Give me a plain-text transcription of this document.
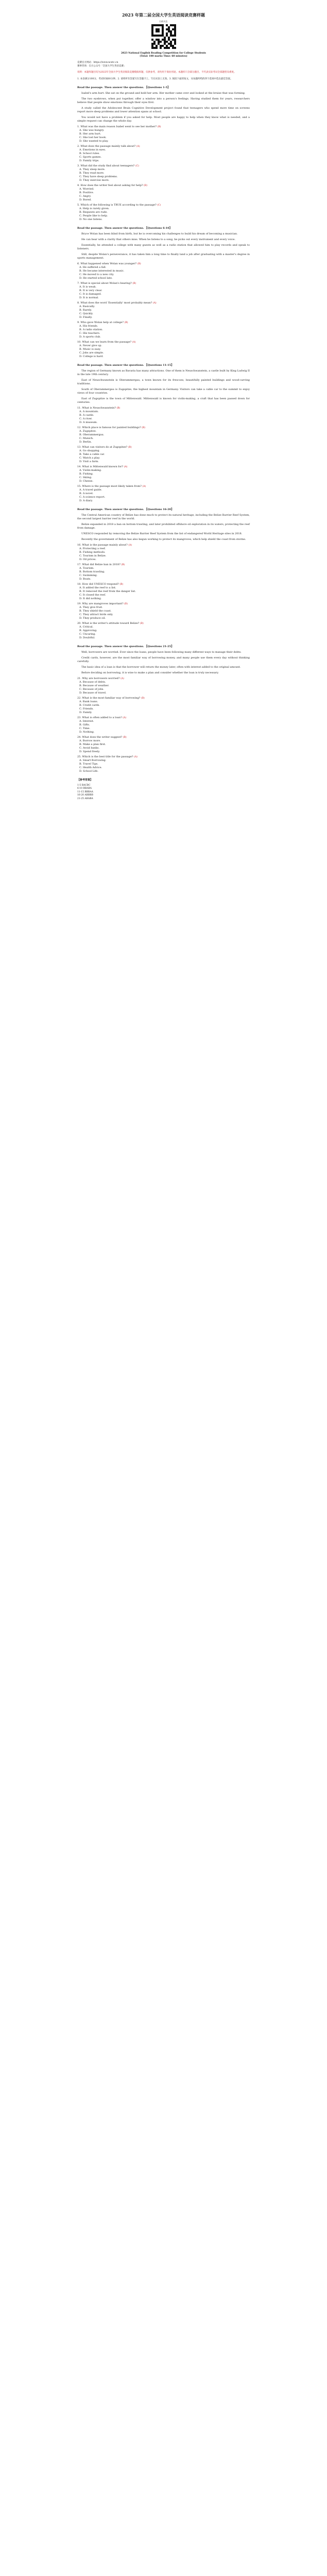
2023 年第二届全国大学生英语阅读竞赛样题
扫码关注
2023 National English Reading Competition for College Students
(Total: 100 marks Time: 60 minutes)
竞赛官方网站：https://www.ncetc.cn
赛事咨询：官方公众号「全国大学生英语竞赛」
说明：本题库题目均为2023年全国大学生英语阅读竞赛模拟样题，仅供参考，请勿用于商业用途。本题库只含部分题目，不代表实际考试全部题型及难度。
1. 本卷满分100分，考试时间60分钟。2. 请将所有答案写在答题卡上，写在试卷上无效。3. 阅读下面的短文，从每题所给的四个选项中选出最佳答案。
Read the passage. Then answer the questions. 【Questions 1-5】

Isabel's arm hurt. She sat on the ground and held her arm. Her mother came over and looked at the bruise that was forming.

The two eyebrows, when put together, offer a window into a person's feelings. Having studied them for years, researchers believe that people show emotions through their eyes first.

A study called the Adolescent Brain Cognitive Development project found that teenagers who spend more time on screens report more sleep problems and lower attention spans at school.

You would not have a problem if you asked for help. Most people are happy to help when they know what is needed, and a simple request can change the whole day.

1. What was the main reason Isabel went to see her mother? (B)
A. She was hungry.
B. Her arm hurt.
C. She lost her book.
D. She wanted to play.
2. What does the passage mainly talk about? (A)
A. Emotions in eyes.
B. School rules.
C. Sports games.
D. Family trips.
3. What did the study find about teenagers? (C)
A. They sleep more.
B. They read more.
C. They have sleep problems.
D. They exercise more.
4. How does the writer feel about asking for help? (B)
A. Worried.
B. Positive.
C. Angry.
D. Bored.
5. Which of the following is TRUE according to the passage? (C)
A. Help is rarely given.
B. Requests are rude.
C. People like to help.
D. No one listens.
Read the passage. Then answer the questions. 【Questions 6-10】

Bryce Wolan has been blind from birth, but he is overcoming his challenges to build his dream of becoming a musician.

He can hear with a clarity that others miss. When he listens to a song, he picks out every instrument and every voice.

Essentially, he attended a college with many guests as well as a radio station that allowed him to play records and speak to listeners.

Still, despite Wolan's perseverance, it has taken him a long time to finally land a job after graduating with a master's degree in sports management.

6. What happened when Wolan was younger? (B)
A. He suffered a fall.
B. He became interested in music.
C. He moved to a new city.
D. He started school late.
7. What is special about Wolan's hearing? (B)
A. It is weak.
B. It is very clear.
C. It is damaged.
D. It is normal.
8. What does the word 'Essentially' most probably mean? (A)
A. Basically.
B. Rarely.
C. Quickly.
D. Finally.
9. Who gave Wolan help at college? (B)
A. His friends.
B. A radio station.
C. His teachers.
D. A sports club.
10. What can we learn from the passage? (A)
A. Never give up.
B. Music is easy.
C. Jobs are simple.
D. College is hard.
Read the passage. Then answer the questions. 【Questions 11-15】

The region of Germany known as Bavaria has many attractions. One of them is Neuschwanstein, a castle built by King Ludwig II in the late 19th century.

East of Neuschwanstein is Oberammergau, a town known for its frescoes, beautifully painted buildings and wood-carving traditions.

South of Oberammergau is Zugspitze, the highest mountain in Germany. Visitors can take a cable car to the summit to enjoy views of four countries.

East of Zugspitze is the town of Mittenwald. Mittenwald is known for violin-making, a craft that has been passed down for centuries.

11. What is Neuschwanstein? (B)
A. A mountain.
B. A castle.
C. A river.
D. A museum.
12. Which place is famous for painted buildings? (B)
A. Zugspitze.
B. Oberammergau.
C. Munich.
D. Berlin.
13. What can visitors do at Zugspitze? (B)
A. Go shopping.
B. Take a cable car.
C. Watch a play.
D. Visit a farm.
14. What is Mittenwald known for? (A)
A. Violin-making.
B. Fishing.
C. Skiing.
D. Cheese.
15. Where is the passage most likely taken from? (A)
A. A travel guide.
B. A novel.
C. A science report.
D. A diary.
Read the passage. Then answer the questions. 【Questions 16-20】

The Central American country of Belize has done much to protect its natural heritage, including the Belize Barrier Reef System, the second largest barrier reef in the world.

Belize expanded in 2018 a ban on bottom trawling, and later prohibited offshore oil exploration in its waters, protecting the reef from damage.

UNESCO responded by removing the Belize Barrier Reef System from the list of endangered World Heritage sites in 2018.

Recently the government of Belize has also begun working to protect its mangroves, which help shield the coast from storms.

16. What is the passage mainly about? (A)
A. Protecting a reef.
B. Fishing methods.
C. Tourism in Belize.
D. Oil prices.
17. What did Belize ban in 2018? (B)
A. Tourism.
B. Bottom trawling.
C. Swimming.
D. Boats.
18. How did UNESCO respond? (B)
A. It added the reef to a list.
B. It removed the reef from the danger list.
C. It closed the reef.
D. It did nothing.
19. Why are mangroves important? (B)
A. They give fruit.
B. They shield the coast.
C. They attract birds only.
D. They produce oil.
20. What is the writer's attitude toward Belize? (B)
A. Critical.
B. Approving.
C. Uncaring.
D. Doubtful.
Read the passage. Then answer the questions. 【Questions 21-25】

Well, borrowers are worried. Ever since the loans, people have been following many different ways to manage their debts.

Credit cards, however, are the most familiar way of borrowing money, and many people use them every day without thinking carefully.

The basic idea of a loan is that the borrower will return the money later, often with interest added to the original amount.

Before deciding on borrowing, it is wise to make a plan and consider whether the loan is truly necessary.

21. Why are borrowers worried? (A)
A. Because of debts.
B. Because of weather.
C. Because of jobs.
D. Because of travel.
22. What is the most familiar way of borrowing? (B)
A. Bank loans.
B. Credit cards.
C. Friends.
D. Family.
23. What is often added to a loan? (A)
A. Interest.
B. Gifts.
C. Time.
D. Nothing.
24. What does the writer suggest? (B)
A. Borrow more.
B. Make a plan first.
C. Avoid banks.
D. Spend freely.
25. Which is the best title for the passage? (A)
A. Smart Borrowing.
B. Travel Tips.
C. Health Advice.
D. School Life.
【参考答案】
1-5 BACBC
6-10 BBABA
11-15 BBBAA
16-20 ABBBB
21-25 ABABA
